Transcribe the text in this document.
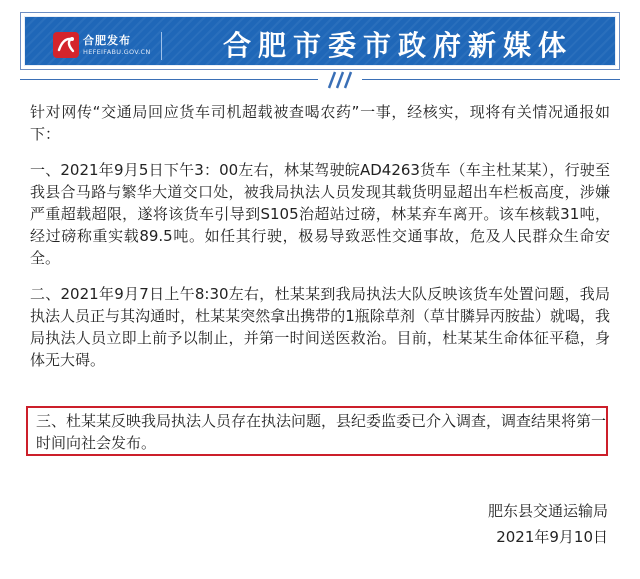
合肥发布
HEFEIFABU.GOV.CN	合肥市委市政府新媒体

针对网传“交通局回应货车司机超载被查喝农药”一事，经核实，现将有关情况通报如下：

一、2021年9月5日下午3：00左右，林某驾驶皖AD4263货车（车主杜某某），行驶至我县合马路与繁华大道交口处，被我局执法人员发现其载货明显超出车栏板高度，涉嫌严重超载超限，遂将该货车引导到S105治超站过磅，林某弃车离开。该车核载31吨，经过磅称重实载89.5吨。如任其行驶，极易导致恶性交通事故，危及人民群众生命安全。

二、2021年9月7日上午8:30左右，杜某某到我局执法大队反映该货车处置问题，我局执法人员正与其沟通时，杜某某突然拿出携带的1瓶除草剂（草甘膦异丙胺盐）就喝，我局执法人员立即上前予以制止，并第一时间送医救治。目前，杜某某生命体征平稳，身体无大碍。

三、杜某某反映我局执法人员存在执法问题，县纪委监委已介入调查，调查结果将第一时间向社会发布。
肥东县交通运输局
2021年9月10日
